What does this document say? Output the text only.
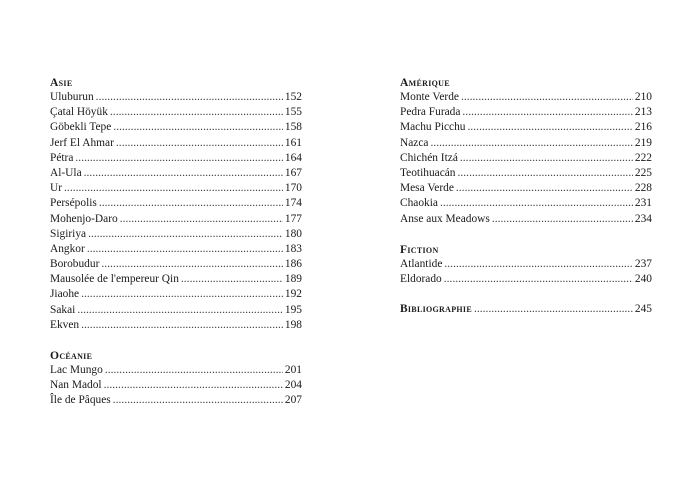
Asie
Uluburun . . .	152
Çatal Höyük . . .	155
Göbekli Tepe . . .	158
Jerf El Ahmar . . .	161
Pétra . . .	164
Al-Ula . . .	167
Ur . . .	170
Persépolis . . .	174
Mohenjo-Daro . . .	177
Sigiriya . . .	180
Angkor . . .	183
Borobudur . . .	186
Mausolée de l'empereur Qin . . .	189
Jiaohe . . .	192
Sakai . . .	195
Ekven . . .	198
Océanie
Lac Mungo . . .	201
Nan Madol . . .	204
Île de Pâques . . .	207
Amérique
Monte Verde . . .	210
Pedra Furada . . .	213
Machu Picchu . . .	216
Nazca . . .	219
Chichén Itzá . . .	222
Teotihuacán . . .	225
Mesa Verde . . .	228
Chaokia . . .	231
Anse aux Meadows . . .	234
Fiction
Atlantide . . .	237
Eldorado . . .	240
Bibliographie . . .	245
